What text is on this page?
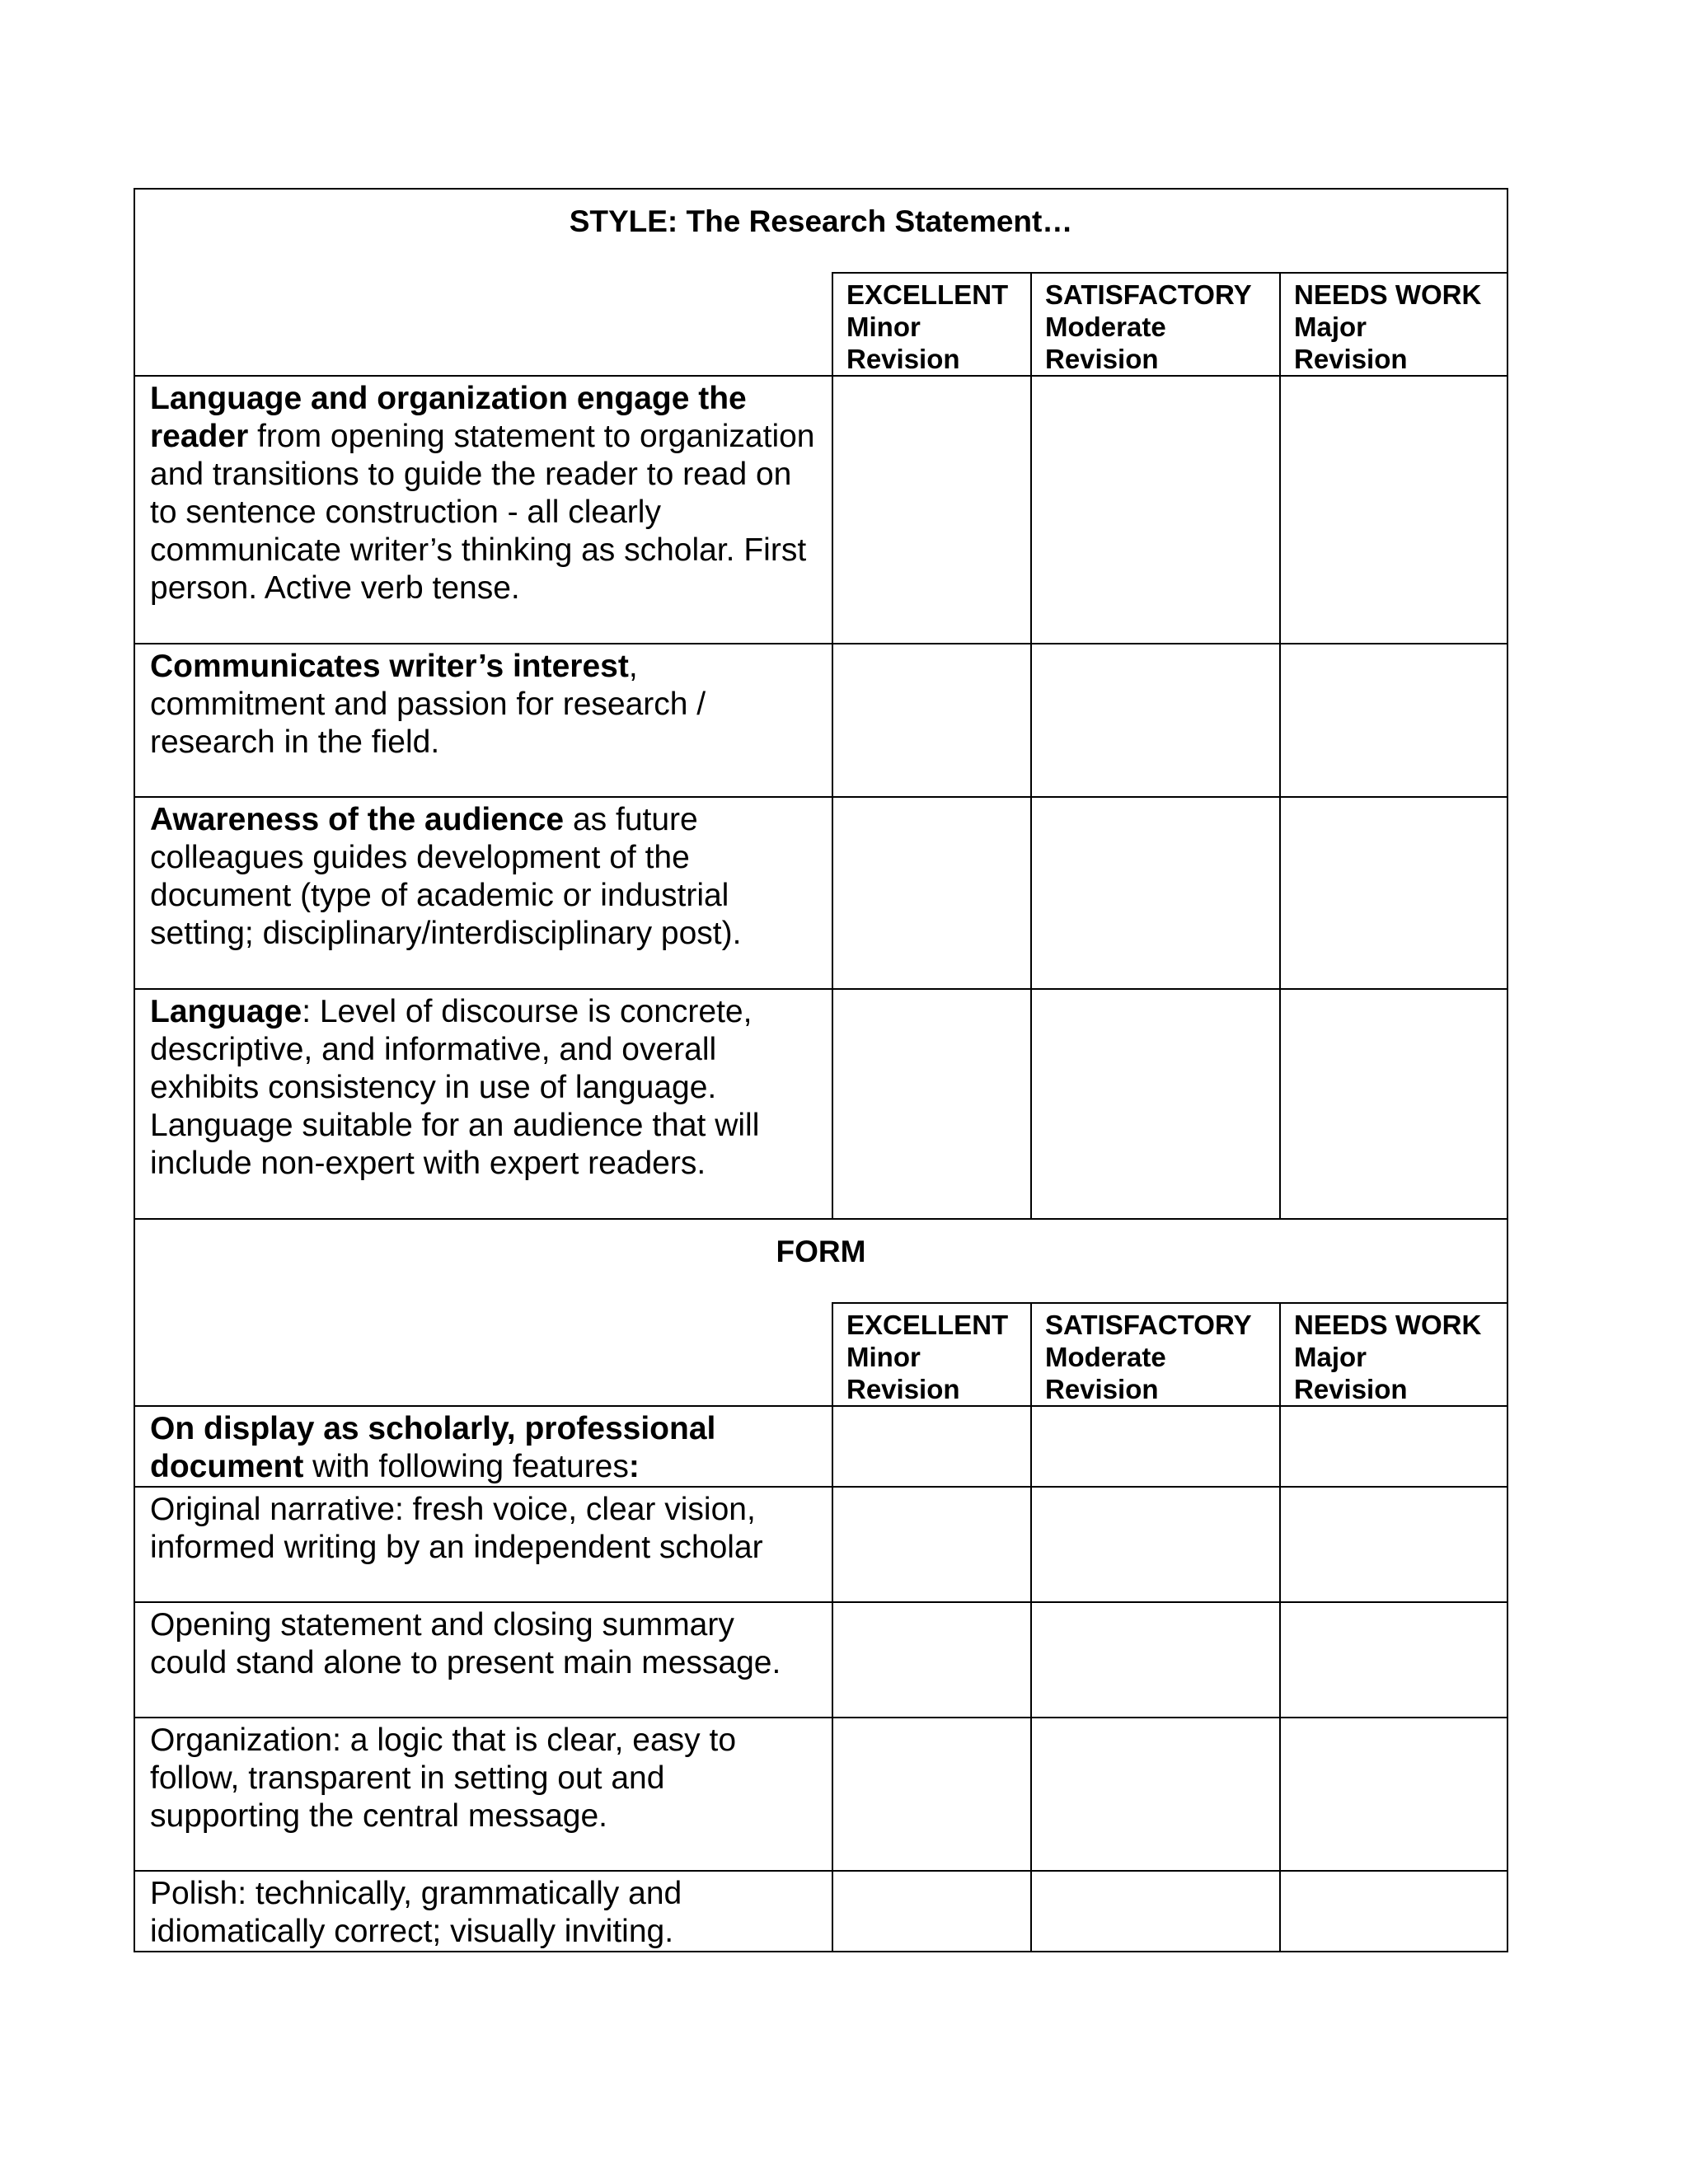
STYLE: The Research Statement…			

	EXCELLENT
Minor
Revision	SATISFACTORY
Moderate
Revision	NEEDS WORK
Major
Revision

Language and organization engage the reader from opening statement to organization and transitions to guide the reader to read on to sentence construction - all clearly communicate writer’s thinking as scholar. First person. Active verb tense.			
Communicates writer’s interest, commitment and passion for research / research in the field.			
Awareness of the audience as future colleagues guides development of the document (type of academic or industrial setting; disciplinary/interdisciplinary post).			
Language: Level of discourse is concrete, descriptive, and informative, and overall exhibits consistency in use of language. Language suitable for an audience that will include non-expert with expert readers.			
FORM			

	EXCELLENT
Minor
Revision	SATISFACTORY
Moderate
Revision	NEEDS WORK
Major
Revision

On display as scholarly, professional document with following features:			
Original narrative: fresh voice, clear vision, informed writing by an independent scholar			
Opening statement and closing summary could stand alone to present main message.			
Organization: a logic that is clear, easy to follow, transparent in setting out and supporting the central message.			
Polish: technically, grammatically and idiomatically correct; visually inviting.			
